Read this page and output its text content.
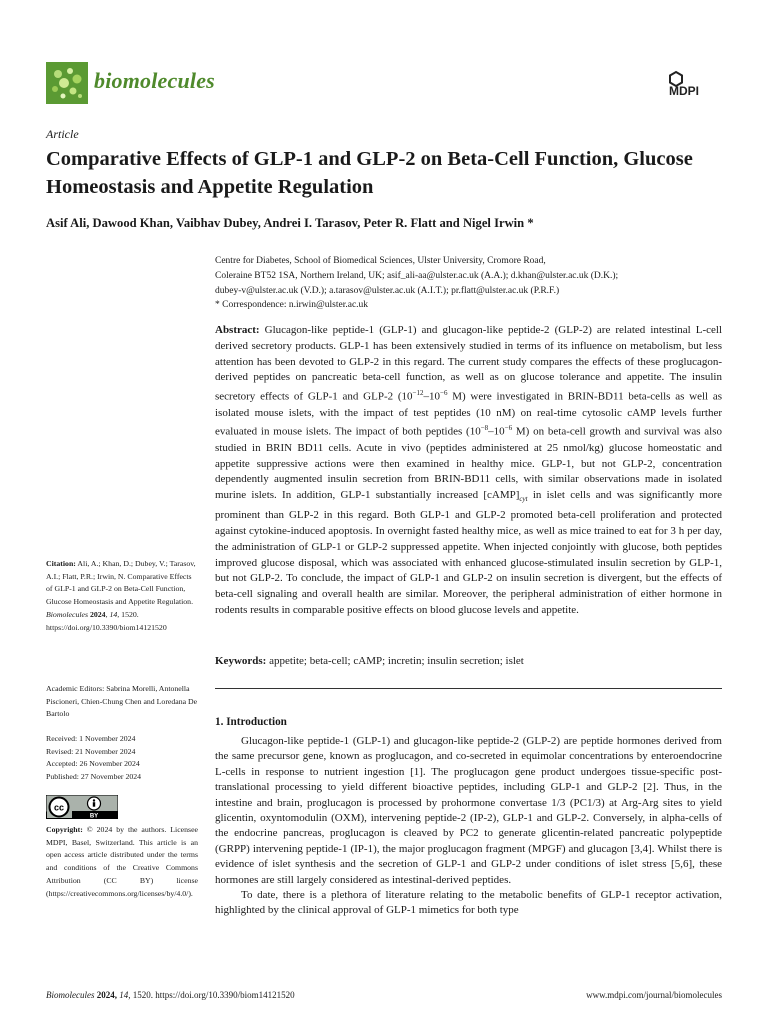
biomolecules	MDPI
Article
Comparative Effects of GLP-1 and GLP-2 on Beta-Cell Function, Glucose Homeostasis and Appetite Regulation
Asif Ali, Dawood Khan, Vaibhav Dubey, Andrei I. Tarasov, Peter R. Flatt and Nigel Irwin *
Centre for Diabetes, School of Biomedical Sciences, Ulster University, Cromore Road,
Coleraine BT52 1SA, Northern Ireland, UK; asif_ali-aa@ulster.ac.uk (A.A.); d.khan@ulster.ac.uk (D.K.);
dubey-v@ulster.ac.uk (V.D.); a.tarasov@ulster.ac.uk (A.I.T.); pr.flatt@ulster.ac.uk (P.R.F.)
* Correspondence: n.irwin@ulster.ac.uk
Abstract: Glucagon-like peptide-1 (GLP-1) and glucagon-like peptide-2 (GLP-2) are related intestinal L-cell derived secretory products. GLP-1 has been extensively studied in terms of its influence on metabolism, but less attention has been devoted to GLP-2 in this regard. The current study compares the effects of these proglucagon-derived peptides on pancreatic beta-cell function, as well as on glucose tolerance and appetite. The insulin secretory effects of GLP-1 and GLP-2 ($10^{-12}-10^{-6}$ M) were investigated in BRIN-BD11 beta-cells as well as isolated mouse islets, with the impact of test peptides (10 nM) on real-time cytosolic cAMP levels further evaluated in mouse islets. The impact of both peptides ($10^{-8}-10^{-6}$ M) on beta-cell growth and survival was also studied in BRIN BD11 cells. Acute in vivo (peptides administered at 25 nmol/kg) glucose homeostatic and appetite suppressive actions were then examined in healthy mice. GLP-1, but not GLP-2, concentration dependently augmented insulin secretion from BRIN-BD11 cells, with similar observations made in isolated murine islets. In addition, GLP-1 substantially increased $[cAMP]_{cyt}$ in islet cells and was significantly more prominent than GLP-2 in this regard. Both GLP-1 and GLP-2 promoted beta-cell proliferation and protected against cytokine-induced apoptosis. In overnight fasted healthy mice, as well as mice trained to eat for 3 h per day, the administration of GLP-1 or GLP-2 suppressed appetite. When injected conjointly with glucose, both peptides improved glucose disposal, which was associated with enhanced glucose-stimulated insulin secretion by GLP-1, but not GLP-2. To conclude, the impact of GLP-1 and GLP-2 on insulin secretion is divergent, but the effects of beta-cell signaling and overall health are similar. Moreover, the peripheral administration of either hormone in rodents results in comparable positive effects on blood glucose levels and appetite.
Keywords: appetite; beta-cell; cAMP; incretin; insulin secretion; islet
Citation: Ali, A.; Khan, D.; Dubey, V.; Tarasov, A.I.; Flatt, P.R.; Irwin, N. Comparative Effects of GLP-1 and GLP-2 on Beta-Cell Function, Glucose Homeostasis and Appetite Regulation. Biomolecules 2024, 14, 1520. https://doi.org/10.3390/biom14121520
Academic Editors: Sabrina Morelli, Antonella Piscioneri, Chien-Chung Chen and Loredana De Bartolo
Received: 1 November 2024
Revised: 21 November 2024
Accepted: 26 November 2024
Published: 27 November 2024
cc
BY
Copyright: © 2024 by the authors. Licensee MDPI, Basel, Switzerland. This article is an open access article distributed under the terms and conditions of the Creative Commons Attribution (CC BY) license (https://creativecommons.org/licenses/by/4.0/).
1. Introduction

Glucagon-like peptide-1 (GLP-1) and glucagon-like peptide-2 (GLP-2) are peptide hormones derived from the same precursor gene, known as proglucagon, and co-secreted in equimolar concentrations by enteroendocrine L-cells in response to nutrient ingestion [1]. The proglucagon gene product undergoes tissue-specific post-translational processing to yield different bioactive peptides, including GLP-1 and GLP-2 [2]. Thus, in the intestine and brain, proglucagon is processed by prohormone convertase 1/3 (PC1/3) at Arg-Arg sites to yield glicentin, oxyntomodulin (OXM), intervening peptide-2 (IP-2), GLP-1 and GLP-2. Conversely, in alpha-cells of the endocrine pancreas, proglucagon is cleaved by PC2 to generate glicentin-related pancreatic polypeptide (GRPP) intervening peptide-1 (IP-1), the major proglucagon fragment (MPGF) and glucagon [3,4]. Whilst there is evidence of islet synthesis and the secretion of GLP-1 and GLP-2 under conditions of islet stress [5,6], these hormones are still largely considered as intestinal-derived peptides.

To date, there is a plethora of literature relating to the metabolic benefits of GLP-1 receptor activation, highlighted by the clinical approval of GLP-1 mimetics for both type

Biomolecules 2024, 14, 1520. https://doi.org/10.3390/biom14121520	www.mdpi.com/journal/biomolecules
